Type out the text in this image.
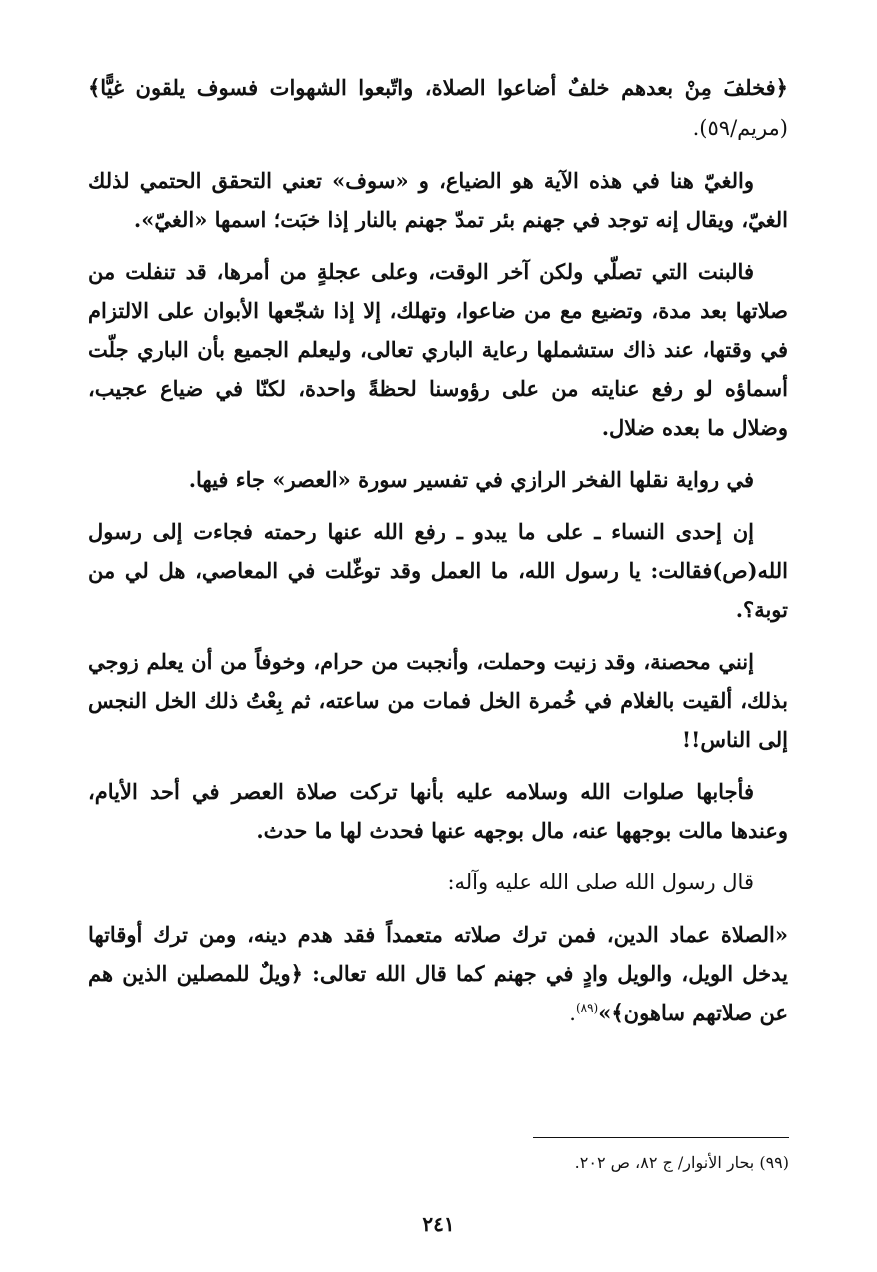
﴿فخلفَ مِنْ بعدهم خلفٌ أضاعوا الصلاة، واتّبعوا الشهوات فسوف يلقون غيًّا﴾ (مريم/٥٩).

والغيّ هنا في هذه الآية هو الضياع، و «سوف» تعني التحقق الحتمي لذلك الغيّ، ويقال إنه توجد في جهنم بئر تمدّ جهنم بالنار إذا خبَت؛ اسمها «الغيّ».

فالبنت التي تصلّي ولكن آخر الوقت، وعلى عجلةٍ من أمرها، قد تنفلت من صلاتها بعد مدة، وتضيع مع من ضاعوا، وتهلك، إلا إذا شجّعها الأبوان على الالتزام في وقتها، عند ذاك ستشملها رعاية الباري تعالى، وليعلم الجميع بأن الباري جلّت أسماؤه لو رفع عنايته من على رؤوسنا لحظةً واحدة، لكنّا في ضياع عجيب، وضلال ما بعده ضلال.

في رواية نقلها الفخر الرازي في تفسير سورة «العصر» جاء فيها.

إن إحدى النساء ـ على ما يبدو ـ رفع الله عنها رحمته فجاءت إلى رسول الله(ص)فقالت: يا رسول الله، ما العمل وقد توغّلت في المعاصي، هل لي من توبة؟.

إنني محصنة، وقد زنيت وحملت، وأنجبت من حرام، وخوفاً من أن يعلم زوجي بذلك، ألقيت بالغلام في خُمرة الخل فمات من ساعته، ثم بِعْتُ ذلك الخل النجس إلى الناس!!

فأجابها صلوات الله وسلامه عليه بأنها تركت صلاة العصر في أحد الأيام، وعندها مالت بوجهها عنه، مال بوجهه عنها فحدث لها ما حدث.

قال رسول الله صلى الله عليه وآله:

«الصلاة عماد الدين، فمن ترك صلاته متعمداً فقد هدم دينه، ومن ترك أوقاتها يدخل الويل، والويل وادٍ في جهنم كما قال الله تعالى: ﴿ويلٌ للمصلين الذين هم عن صلاتهم ساهون﴾»$^{(٨٩)}$.

(٩٩) بحار الأنوار/ ج ٨٢، ص ٢٠٢.
٢٤١
